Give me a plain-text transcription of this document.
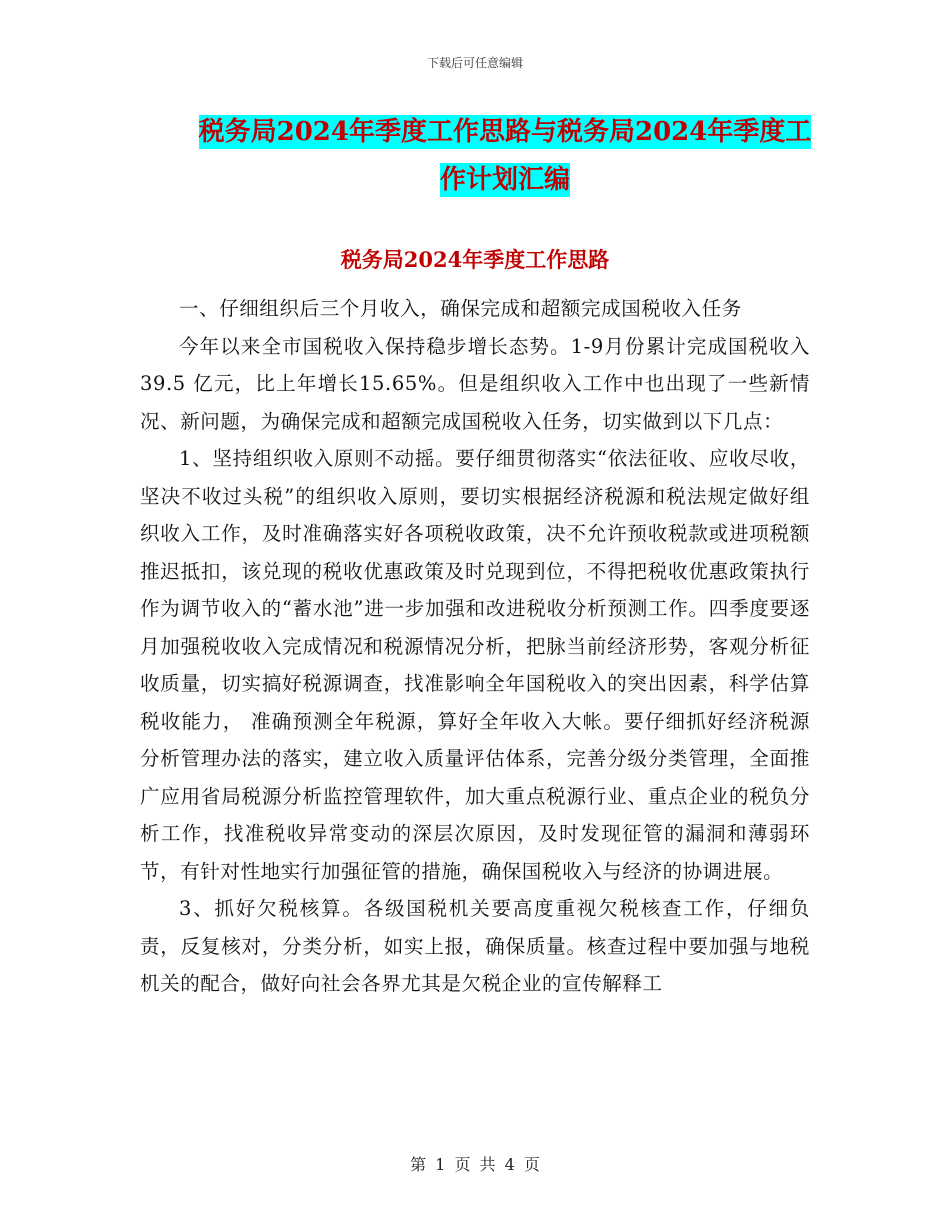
下载后可任意编辑
税务局2024年季度工作思路与税务局2024年季度工
作计划汇编
税务局2024年季度工作思路

一、仔细组织后三个月收入，确保完成和超额完成国税收入任务

今年以来全市国税收入保持稳步增长态势。1-9月份累计完成国税收入39.5 亿元，比上年增长15.65%。但是组织收入工作中也出现了一些新情况、新问题，为确保完成和超额完成国税收入任务，切实做到以下几点：

1、坚持组织收入原则不动摇。要仔细贯彻落实“依法征收、应收尽收，坚决不收过头税”的组织收入原则，要切实根据经济税源和税法规定做好组织收入工作，及时准确落实好各项税收政策，决不允许预收税款或进项税额推迟抵扣，该兑现的税收优惠政策及时兑现到位，不得把税收优惠政策执行作为调节收入的“蓄水池”进一步加强和改进税收分析预测工作。四季度要逐月加强税收收入完成情况和税源情况分析，把脉当前经济形势，客观分析征收质量，切实搞好税源调查，找准影响全年国税收入的突出因素，科学估算税收能力， 准确预测全年税源，算好全年收入大帐。要仔细抓好经济税源分析管理办法的落实，建立收入质量评估体系，完善分级分类管理，全面推广应用省局税源分析监控管理软件，加大重点税源行业、重点企业的税负分析工作，找准税收异常变动的深层次原因，及时发现征管的漏洞和薄弱环节，有针对性地实行加强征管的措施，确保国税收入与经济的协调进展。

3、抓好欠税核算。各级国税机关要高度重视欠税核查工作，仔细负责，反复核对，分类分析，如实上报，确保质量。核查过程中要加强与地税机关的配合，做好向社会各界尤其是欠税企业的宣传解释工

第 1 页 共 4 页
